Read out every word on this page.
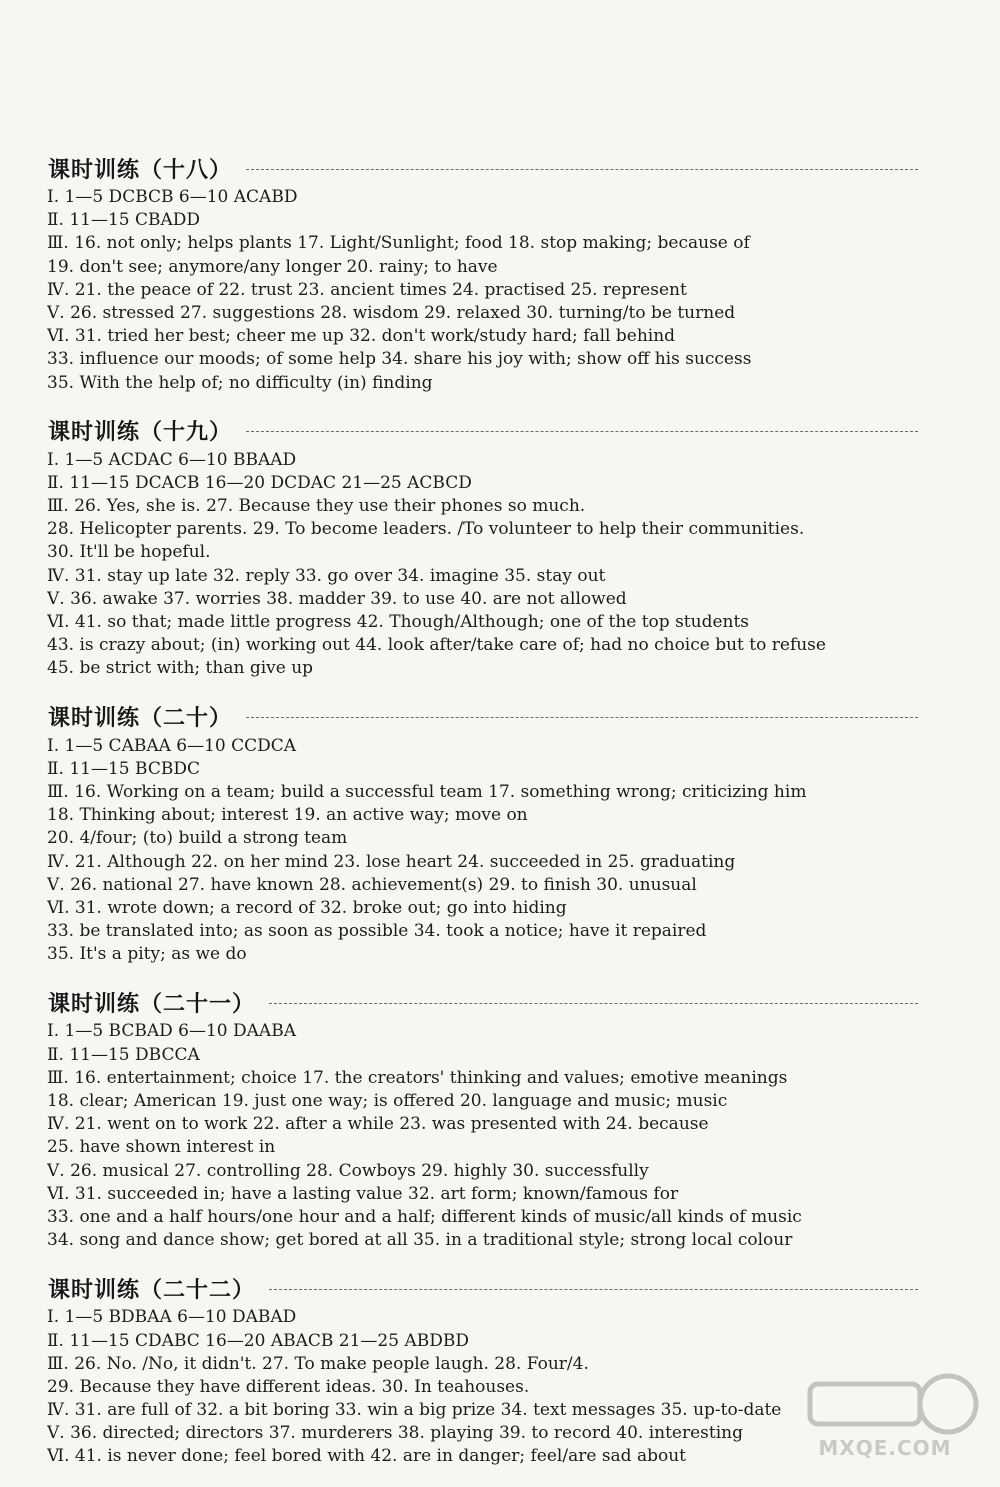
课时训练（十八）
Ⅰ. 1—5 DCBCB 6—10 ACABD
Ⅱ. 11—15 CBADD
Ⅲ. 16. not only; helps plants 17. Light/Sunlight; food 18. stop making; because of
19. don't see; anymore/any longer 20. rainy; to have
Ⅳ. 21. the peace of 22. trust 23. ancient times 24. practised 25. represent
Ⅴ. 26. stressed 27. suggestions 28. wisdom 29. relaxed 30. turning/to be turned
Ⅵ. 31. tried her best; cheer me up 32. don't work/study hard; fall behind
33. influence our moods; of some help 34. share his joy with; show off his success
35. With the help of; no difficulty (in) finding
课时训练（十九）
Ⅰ. 1—5 ACDAC 6—10 BBAAD
Ⅱ. 11—15 DCACB 16—20 DCDAC 21—25 ACBCD
Ⅲ. 26. Yes, she is. 27. Because they use their phones so much.
28. Helicopter parents. 29. To become leaders. /To volunteer to help their communities.
30. It'll be hopeful.
Ⅳ. 31. stay up late 32. reply 33. go over 34. imagine 35. stay out
Ⅴ. 36. awake 37. worries 38. madder 39. to use 40. are not allowed
Ⅵ. 41. so that; made little progress 42. Though/Although; one of the top students
43. is crazy about; (in) working out 44. look after/take care of; had no choice but to refuse
45. be strict with; than give up
课时训练（二十）
Ⅰ. 1—5 CABAA 6—10 CCDCA
Ⅱ. 11—15 BCBDC
Ⅲ. 16. Working on a team; build a successful team 17. something wrong; criticizing him
18. Thinking about; interest 19. an active way; move on
20. 4/four; (to) build a strong team
Ⅳ. 21. Although 22. on her mind 23. lose heart 24. succeeded in 25. graduating
Ⅴ. 26. national 27. have known 28. achievement(s) 29. to finish 30. unusual
Ⅵ. 31. wrote down; a record of 32. broke out; go into hiding
33. be translated into; as soon as possible 34. took a notice; have it repaired
35. It's a pity; as we do
课时训练（二十一）
Ⅰ. 1—5 BCBAD 6—10 DAABA
Ⅱ. 11—15 DBCCA
Ⅲ. 16. entertainment; choice 17. the creators' thinking and values; emotive meanings
18. clear; American 19. just one way; is offered 20. language and music; music
Ⅳ. 21. went on to work 22. after a while 23. was presented with 24. because
25. have shown interest in
Ⅴ. 26. musical 27. controlling 28. Cowboys 29. highly 30. successfully
Ⅵ. 31. succeeded in; have a lasting value 32. art form; known/famous for
33. one and a half hours/one hour and a half; different kinds of music/all kinds of music
34. song and dance show; get bored at all 35. in a traditional style; strong local colour
课时训练（二十二）
Ⅰ. 1—5 BDBAA 6—10 DABAD
Ⅱ. 11—15 CDABC 16—20 ABACB 21—25 ABDBD
Ⅲ. 26. No. /No, it didn't. 27. To make people laugh. 28. Four/4.
29. Because they have different ideas. 30. In teahouses.
Ⅳ. 31. are full of 32. a bit boring 33. win a big prize 34. text messages 35. up-to-date
Ⅴ. 36. directed; directors 37. murderers 38. playing 39. to record 40. interesting
Ⅵ. 41. is never done; feel bored with 42. are in danger; feel/are sad about	MXQE.COM
